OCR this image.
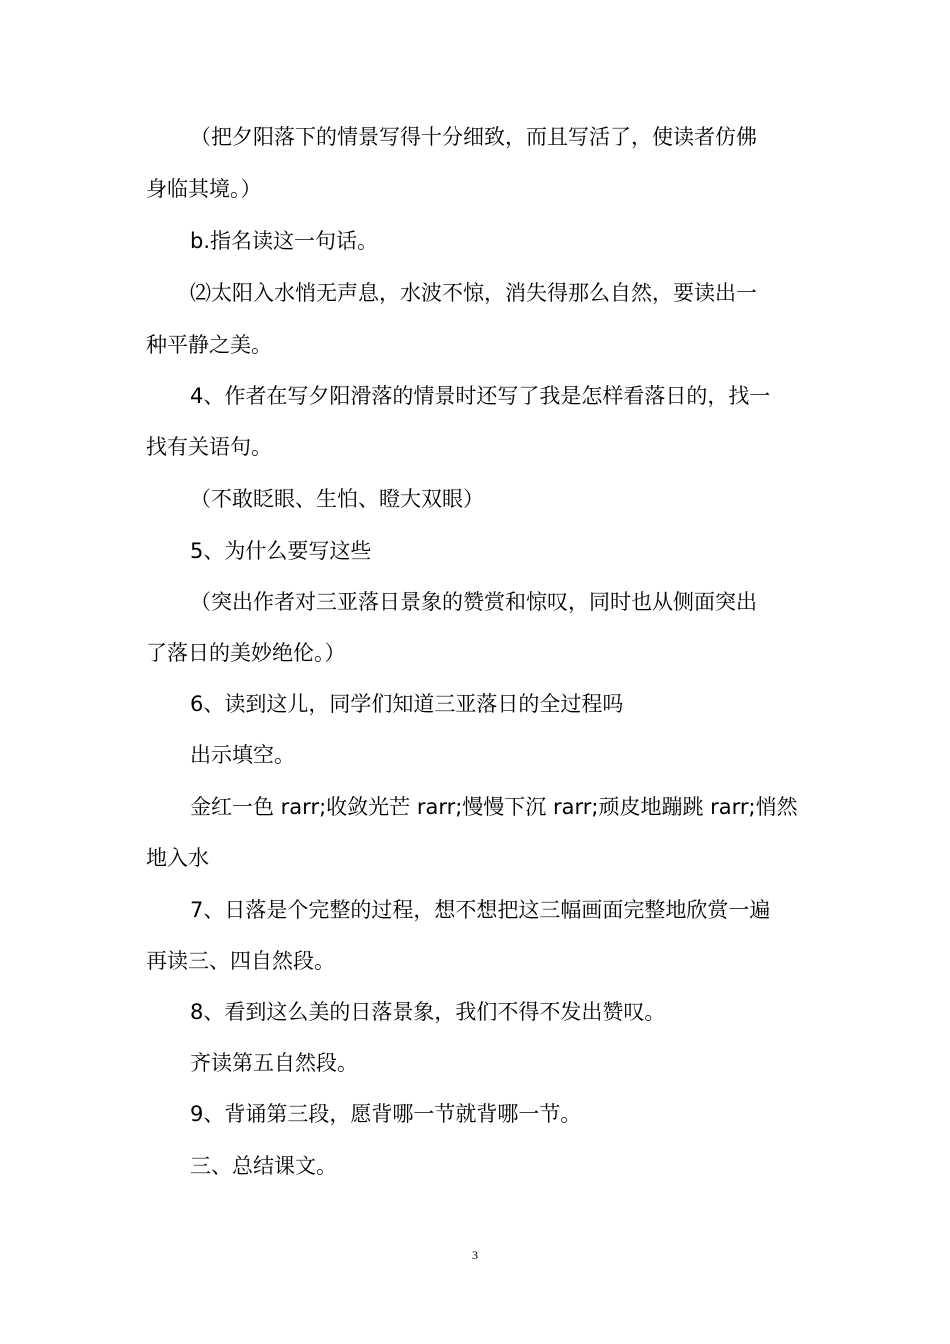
（把夕阳落下的情景写得十分细致，而且写活了，使读者仿佛
身临其境。）
b.指名读这一句话。
⑵太阳入水悄无声息，水波不惊，消失得那么自然，要读出一
种平静之美。
4、作者在写夕阳滑落的情景时还写了我是怎样看落日的，找一
找有关语句。
（不敢眨眼、生怕、瞪大双眼）
5、为什么要写这些
（突出作者对三亚落日景象的赞赏和惊叹，同时也从侧面突出
了落日的美妙绝伦。）
6、读到这儿，同学们知道三亚落日的全过程吗
出示填空。
金红一色 rarr;收敛光芒 rarr;慢慢下沉 rarr;顽皮地蹦跳 rarr;悄然
地入水
7、日落是个完整的过程，想不想把这三幅画面完整地欣赏一遍
再读三、四自然段。
8、看到这么美的日落景象，我们不得不发出赞叹。
齐读第五自然段。
9、背诵第三段，愿背哪一节就背哪一节。
三、总结课文。
3
